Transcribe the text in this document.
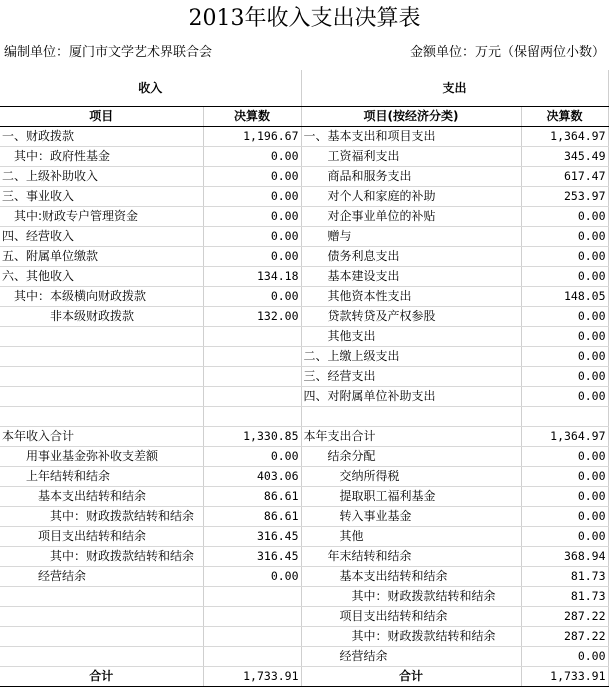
2013年收入支出决算表
编制单位：厦门市文学艺术界联合会	金额单位：万元（保留两位小数）
收入		支出	
项目	决算数	项目(按经济分类)	决算数
一、财政拨款	1,196.67	一、基本支出和项目支出	1,364.97
　其中：政府性基金	0.00	　　工资福利支出	345.49
二、上级补助收入	0.00	　　商品和服务支出	617.47
三、事业收入	0.00	　　对个人和家庭的补助	253.97
　其中:财政专户管理资金	0.00	　　对企事业单位的补贴	0.00
四、经营收入	0.00	　　赠与	0.00
五、附属单位缴款	0.00	　　债务利息支出	0.00
六、其他收入	134.18	　　基本建设支出	0.00
　其中：本级横向财政拨款	0.00	　　其他资本性支出	148.05
　　　　非本级财政拨款	132.00	　　贷款转贷及产权参股	0.00
		　　其他支出	0.00
		二、上缴上级支出	0.00
		三、经营支出	0.00
		四、对附属单位补助支出	0.00

本年收入合计	1,330.85	本年支出合计	1,364.97
　　用事业基金弥补收支差额	0.00	　　结余分配	0.00
　　上年结转和结余	403.06	　　　交纳所得税	0.00
　　　基本支出结转和结余	86.61	　　　提取职工福利基金	0.00
　　　　其中：财政拨款结转和结余	86.61	　　　转入事业基金	0.00
　　　项目支出结转和结余	316.45	　　　其他	0.00
　　　　其中：财政拨款结转和结余	316.45	　　年末结转和结余	368.94
　　　经营结余	0.00	　　　基本支出结转和结余	81.73
		　　　　其中：财政拨款结转和结余	81.73
		　　　项目支出结转和结余	287.22
		　　　　其中：财政拨款结转和结余	287.22
		　　　经营结余	0.00
合计	1,733.91	合计	1,733.91
